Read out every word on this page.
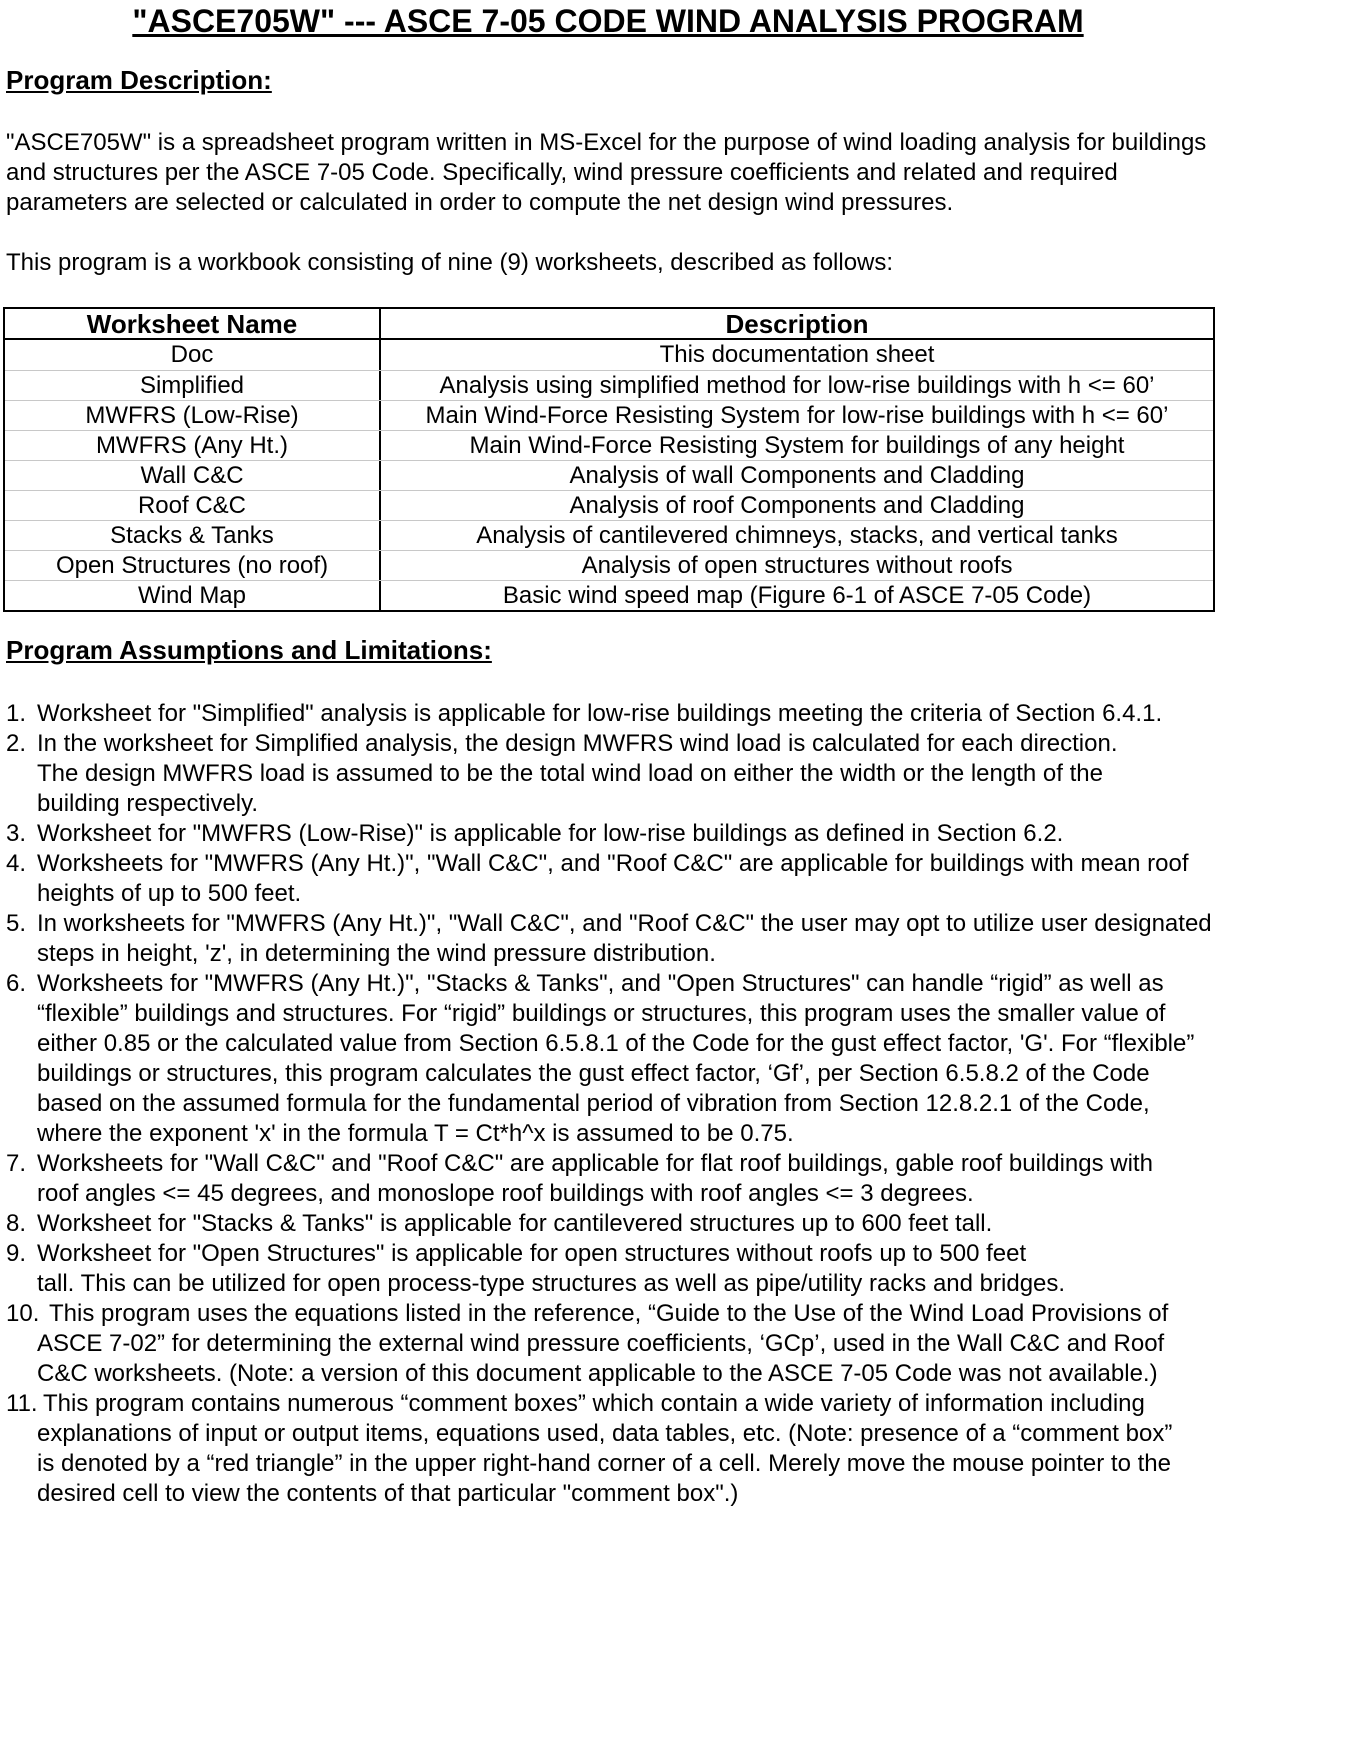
"ASCE705W" --- ASCE 7-05 CODE WIND ANALYSIS PROGRAM
Program Description:
"ASCE705W" is a spreadsheet program written in MS-Excel for the purpose of wind loading analysis for buildings
and structures per the ASCE 7-05 Code. Specifically, wind pressure coefficients and related and required
parameters are selected or calculated in order to compute the net design wind pressures.
This program is a workbook consisting of nine (9) worksheets, described as follows:
Worksheet Name	Description
Doc	This documentation sheet
Simplified	Analysis using simplified method for low-rise buildings with h <= 60’
MWFRS (Low-Rise)	Main Wind-Force Resisting System for low-rise buildings with h <= 60’
MWFRS (Any Ht.)	Main Wind-Force Resisting System for buildings of any height
Wall C&C	Analysis of wall Components and Cladding
Roof C&C	Analysis of roof Components and Cladding
Stacks & Tanks	Analysis of cantilevered chimneys, stacks, and vertical tanks
Open Structures (no roof)	Analysis of open structures without roofs
Wind Map	Basic wind speed map (Figure 6-1 of ASCE 7-05 Code)
Program Assumptions and Limitations:
1. Worksheet for "Simplified" analysis is applicable for low-rise buildings meeting the criteria of Section 6.4.1.
2. In the worksheet for Simplified analysis, the design MWFRS wind load is calculated for each direction.
The design MWFRS load is assumed to be the total wind load on either the width or the length of the
building respectively.
3. Worksheet for "MWFRS (Low-Rise)" is applicable for low-rise buildings as defined in Section 6.2.
4. Worksheets for "MWFRS (Any Ht.)", "Wall C&C", and "Roof C&C" are applicable for buildings with mean roof
heights of up to 500 feet.
5. In worksheets for "MWFRS (Any Ht.)", "Wall C&C", and "Roof C&C" the user may opt to utilize user designated
steps in height, 'z', in determining the wind pressure distribution.
6. Worksheets for "MWFRS (Any Ht.)", "Stacks & Tanks", and "Open Structures" can handle “rigid” as well as
“flexible” buildings and structures. For “rigid” buildings or structures, this program uses the smaller value of
either 0.85 or the calculated value from Section 6.5.8.1 of the Code for the gust effect factor, 'G'. For “flexible”
buildings or structures, this program calculates the gust effect factor, ‘Gf’, per Section 6.5.8.2 of the Code
based on the assumed formula for the fundamental period of vibration from Section 12.8.2.1 of the Code,
where the exponent 'x' in the formula T = Ct*h^x is assumed to be 0.75.
7. Worksheets for "Wall C&C" and "Roof C&C" are applicable for flat roof buildings, gable roof buildings with
roof angles <= 45 degrees, and monoslope roof buildings with roof angles <= 3 degrees.
8. Worksheet for "Stacks & Tanks" is applicable for cantilevered structures up to 600 feet tall.
9. Worksheet for "Open Structures" is applicable for open structures without roofs up to 500 feet
tall. This can be utilized for open process-type structures as well as pipe/utility racks and bridges.
10. This program uses the equations listed in the reference, “Guide to the Use of the Wind Load Provisions of
ASCE 7-02” for determining the external wind pressure coefficients, ‘GCp’, used in the Wall C&C and Roof
C&C worksheets. (Note: a version of this document applicable to the ASCE 7-05 Code was not available.)
11. This program contains numerous “comment boxes” which contain a wide variety of information including
explanations of input or output items, equations used, data tables, etc. (Note: presence of a “comment box”
is denoted by a “red triangle” in the upper right-hand corner of a cell. Merely move the mouse pointer to the
desired cell to view the contents of that particular "comment box".)
